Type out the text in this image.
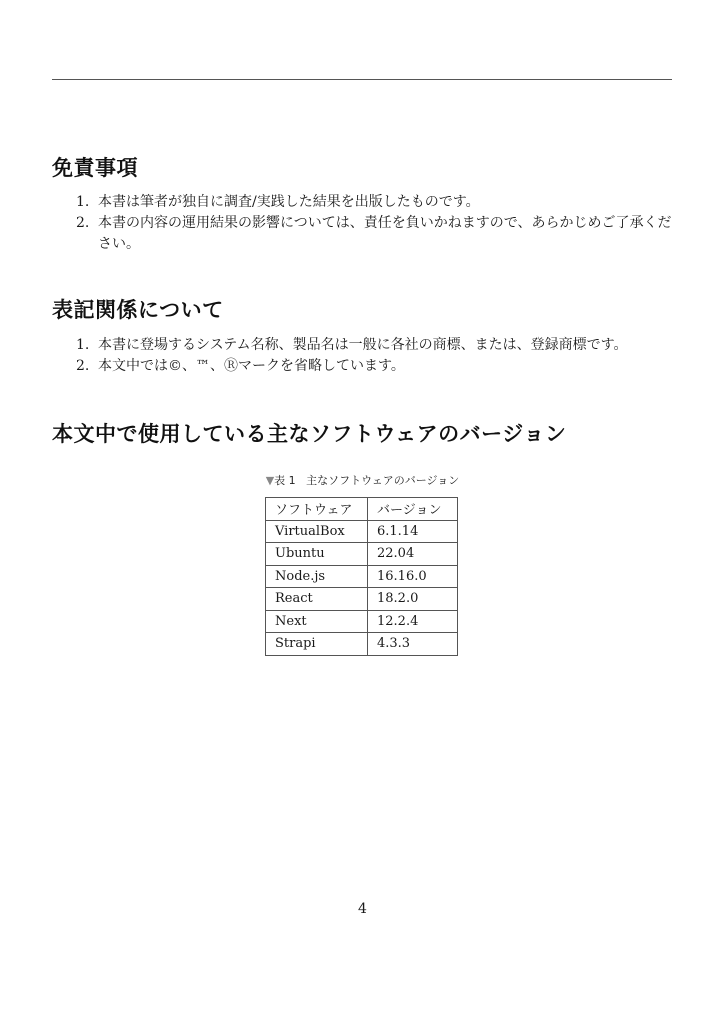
免責事項
1. 本書は筆者が独自に調査/実践した結果を出版したものです。
2. 本書の内容の運用結果の影響については、責任を負いかねますので、あらかじめご了承ください。
表記関係について
1. 本書に登場するシステム名称、製品名は一般に各社の商標、または、登録商標です。
2. 本文中では©、™、Ⓡマークを省略しています。
本文中で使用している主なソフトウェアのバージョン
▼表 1 主なソフトウェアのバージョン
ソフトウェア	バージョン
VirtualBox	6.1.14
Ubuntu	22.04
Node.js	16.16.0
React	18.2.0
Next	12.2.4
Strapi	4.3.3
4
